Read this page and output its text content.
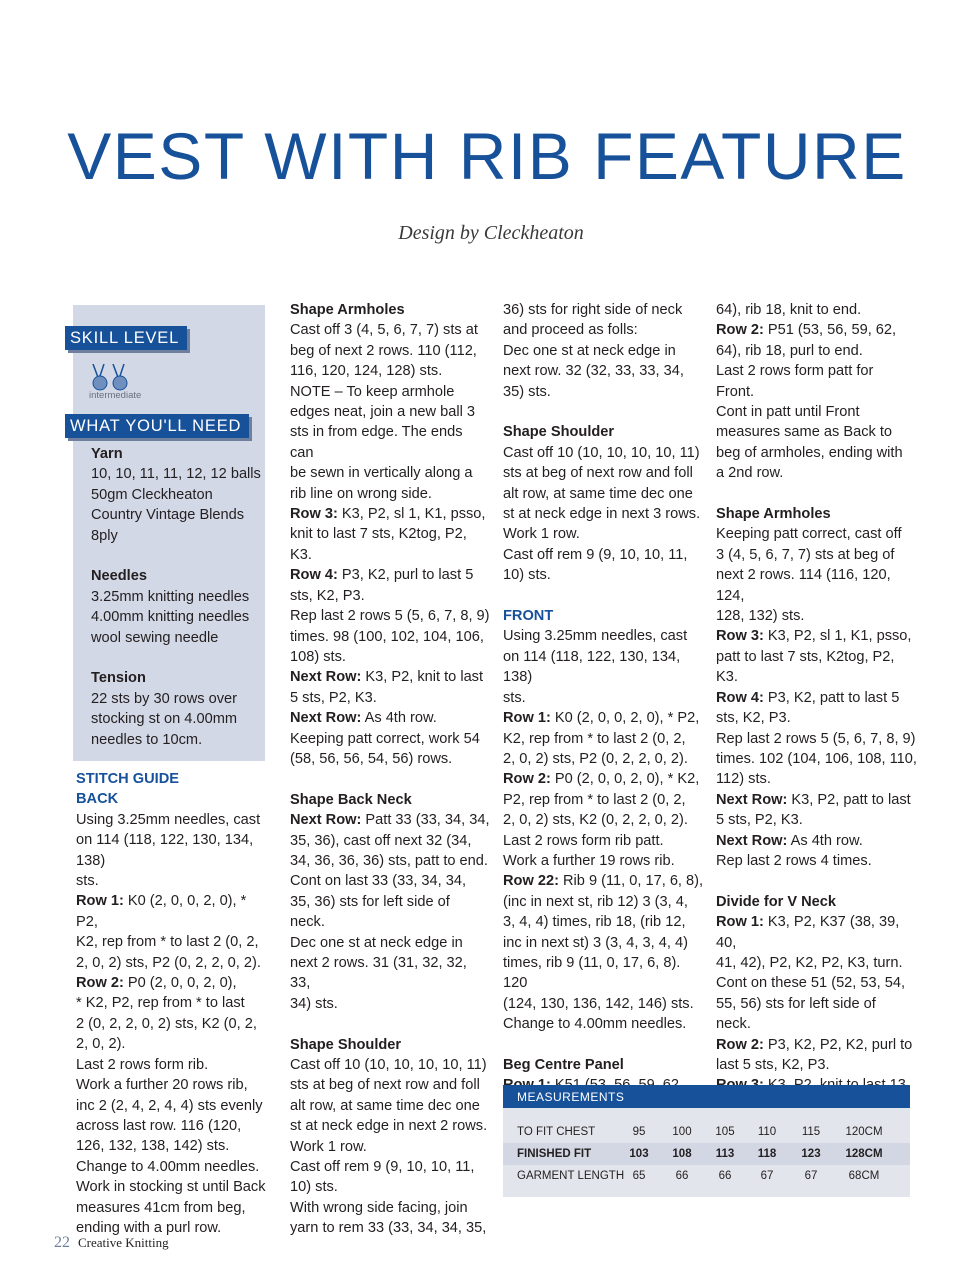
VEST WITH RIB FEATURE
Design by Cleckheaton
SKILL LEVEL
intermediate
WHAT YOU'LL NEED

Yarn

10, 10, 11, 11, 12, 12 balls

50gm Cleckheaton

Country Vintage Blends

8ply

Needles

3.25mm knitting needles

4.00mm knitting needles

wool sewing needle

Tension

22 sts by 30 rows over

stocking st on 4.00mm

needles to 10cm.

STITCH GUIDE

BACK

Using 3.25mm needles, cast

on 114 (118, 122, 130, 134, 138)

sts.

Row 1: K0 (2, 0, 0, 2, 0), * P2,

K2, rep from * to last 2 (0, 2,

2, 0, 2) sts, P2 (0, 2, 2, 0, 2).

Row 2: P0 (2, 0, 0, 2, 0),

* K2, P2, rep from * to last

2 (0, 2, 2, 0, 2) sts, K2 (0, 2,

2, 0, 2).

Last 2 rows form rib.

Work a further 20 rows rib,

inc 2 (2, 4, 2, 4, 4) sts evenly

across last row. 116 (120,

126, 132, 138, 142) sts.

Change to 4.00mm needles.

Work in stocking st until Back

measures 41cm from beg,

ending with a purl row.

Shape Armholes

Cast off 3 (4, 5, 6, 7, 7) sts at

beg of next 2 rows. 110 (112,

116, 120, 124, 128) sts.

NOTE – To keep armhole

edges neat, join a new ball 3

sts in from edge. The ends can

be sewn in vertically along a

rib line on wrong side.

Row 3: K3, P2, sl 1, K1, psso,

knit to last 7 sts, K2tog, P2,

K3.

Row 4: P3, K2, purl to last 5

sts, K2, P3.

Rep last 2 rows 5 (5, 6, 7, 8, 9)

times. 98 (100, 102, 104, 106,

108) sts.

Next Row: K3, P2, knit to last

5 sts, P2, K3.

Next Row: As 4th row.

Keeping patt correct, work 54

(58, 56, 56, 54, 56) rows.

Shape Back Neck

Next Row: Patt 33 (33, 34, 34,

35, 36), cast off next 32 (34,

34, 36, 36, 36) sts, patt to end.

Cont on last 33 (33, 34, 34,

35, 36) sts for left side of

neck.

Dec one st at neck edge in

next 2 rows. 31 (31, 32, 32, 33,

34) sts.

Shape Shoulder

Cast off 10 (10, 10, 10, 10, 11)

sts at beg of next row and foll

alt row, at same time dec one

st at neck edge in next 2 rows.

Work 1 row.

Cast off rem 9 (9, 10, 10, 11,

10) sts.

With wrong side facing, join

yarn to rem 33 (33, 34, 34, 35,

36) sts for right side of neck

and proceed as folls:

Dec one st at neck edge in

next row. 32 (32, 33, 33, 34,

35) sts.

Shape Shoulder

Cast off 10 (10, 10, 10, 10, 11)

sts at beg of next row and foll

alt row, at same time dec one

st at neck edge in next 3 rows.

Work 1 row.

Cast off rem 9 (9, 10, 10, 11,

10) sts.

FRONT

Using 3.25mm needles, cast

on 114 (118, 122, 130, 134, 138)

sts.

Row 1: K0 (2, 0, 0, 2, 0), * P2,

K2, rep from * to last 2 (0, 2,

2, 0, 2) sts, P2 (0, 2, 2, 0, 2).

Row 2: P0 (2, 0, 0, 2, 0), * K2,

P2, rep from * to last 2 (0, 2,

2, 0, 2) sts, K2 (0, 2, 2, 0, 2).

Last 2 rows form rib patt.

Work a further 19 rows rib.

Row 22: Rib 9 (11, 0, 17, 6, 8),

(inc in next st, rib 12) 3 (3, 4,

3, 4, 4) times, rib 18, (rib 12,

inc in next st) 3 (3, 4, 3, 4, 4)

times, rib 9 (11, 0, 17, 6, 8). 120

(124, 130, 136, 142, 146) sts.

Change to 4.00mm needles.

Beg Centre Panel

64), rib 18, knit to end.

Row 2: P51 (53, 56, 59, 62,

64), rib 18, purl to end.

Last 2 rows form patt for

Front.

Cont in patt until Front

measures same as Back to

beg of armholes, ending with

a 2nd row.

Shape Armholes

Keeping patt correct, cast off

3 (4, 5, 6, 7, 7) sts at beg of

next 2 rows. 114 (116, 120, 124,

128, 132) sts.

Row 3: K3, P2, sl 1, K1, psso,

patt to last 7 sts, K2tog, P2,

K3.

Row 4: P3, K2, patt to last 5

sts, K2, P3.

Rep last 2 rows 5 (5, 6, 7, 8, 9)

times. 102 (104, 106, 108, 110,

112) sts.

Next Row: K3, P2, patt to last

5 sts, P2, K3.

Next Row: As 4th row.

Rep last 2 rows 4 times.

Divide for V Neck

Row 1: K3, P2, K37 (38, 39, 40,

41, 42), P2, K2, P2, K3, turn.

Cont on these 51 (52, 53, 54,

55, 56) sts for left side of

neck.

Row 2: P3, K2, P2, K2, purl to

last 5 sts, K2, P3.

MEASUREMENTS
TO FIT CHEST	95	100	105	110	115	120CM
FINISHED FIT	103	108	113	118	123	128CM
GARMENT LENGTH 65	66	66	67	67	68CM
22 Creative Knitting
